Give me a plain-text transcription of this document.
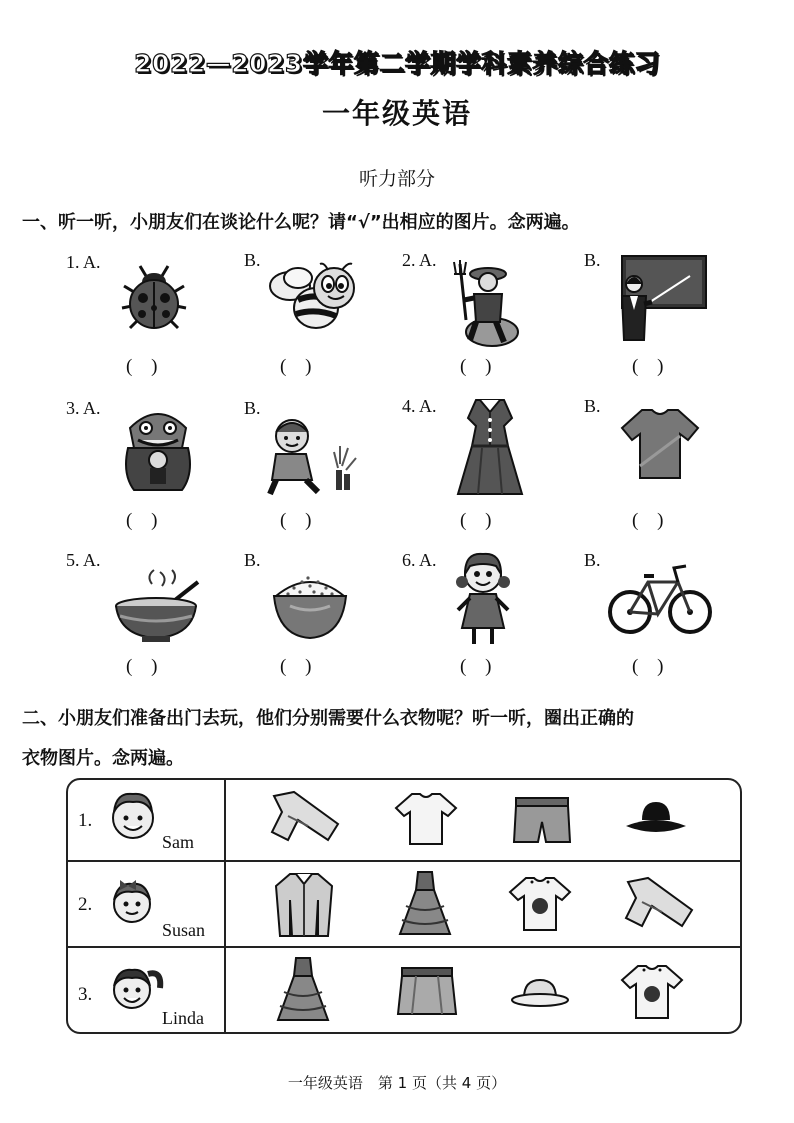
2022—2023学年第二学期学科素养综合练习
一年级英语
听力部分
一、听一听，小朋友们在谈论什么呢？请“√”出相应的图片。念两遍。
1. A.	B.	2. A.	B.
( )	( )	( )	( )
3. A.	B.	4. A.	B.
( )	( )	( )	( )
5. A.	B.	6. A.	B.
( )	( )	( )	( )
二、小朋友们准备出门去玩，他们分别需要什么衣物呢？听一听，圈出正确的
衣物图片。念两遍。
1.
Sam
2.
Susan
3.
Linda
一年级英语　第 1 页（共 4 页）
